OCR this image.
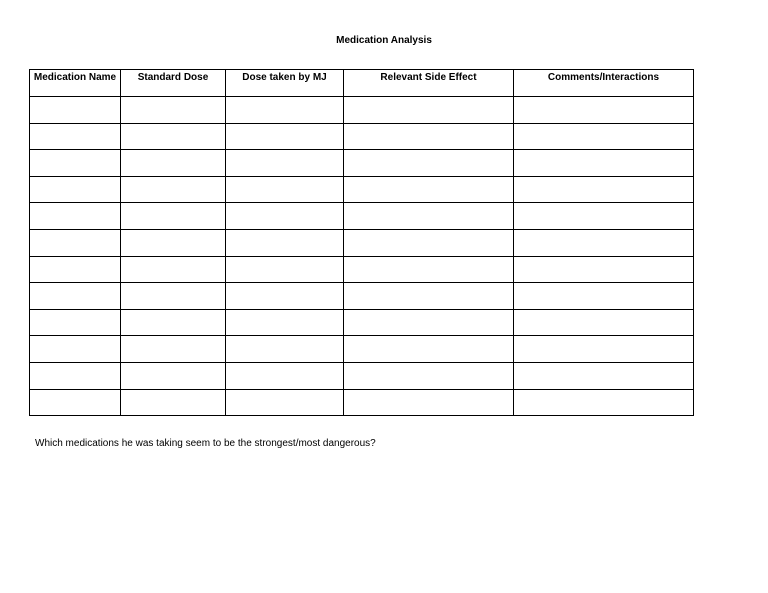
Medication Analysis
Medication Name	Standard Dose	Dose taken by MJ	Relevant Side Effect	Comments/Interactions

Which medications he was taking seem to be the strongest/most dangerous?
